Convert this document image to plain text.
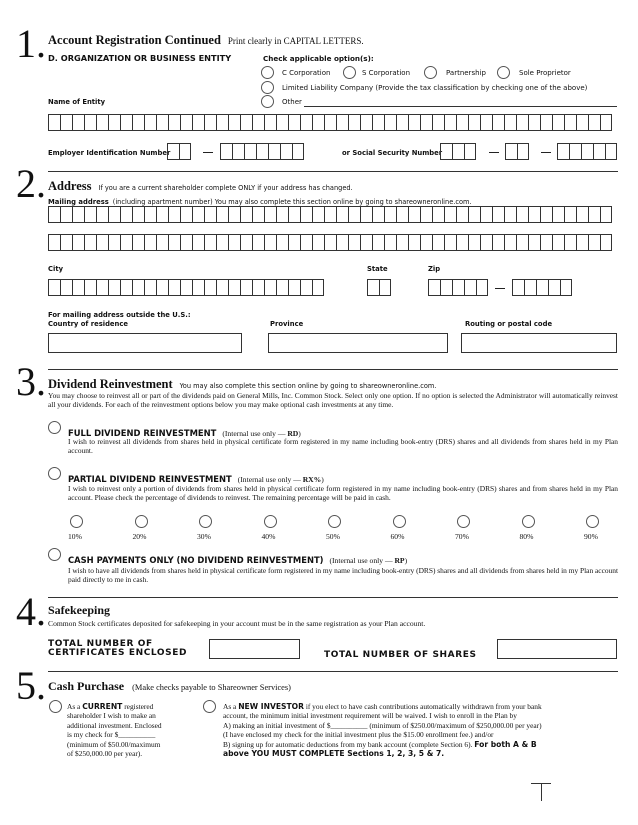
1. Account Registration Continued Print clearly in CAPITAL LETTERS.
D. ORGANIZATION OR BUSINESS ENTITY	Check applicable option(s):
C Corporation	S Corporation	Partnership	Sole Proprietor
Limited Liability Company (Provide the tax classification by checking one of the above)
Other
Name of Entity
Employer Identification Number	or Social Security Number
2. Address If you are a current shareholder complete ONLY if your address has changed.
Mailing address (including apartment number) You may also complete this section online by going to shareowneronline.com.
City	State	Zip
For mailing address outside the U.S.:
Country of residence	Province	Routing or postal code
3. Dividend Reinvestment You may also complete this section online by going to shareowneronline.com.
You may choose to reinvest all or part of the dividends paid on General Mills, Inc. Common Stock. Select only one option. If no option is selected the Administrator will automatically reinvest all your dividends. For each of the reinvestment options below you may make optional cash investments at any time.
FULL DIVIDEND REINVESTMENT (Internal use only — RD)
I wish to reinvest all dividends from shares held in physical certificate form registered in my name including book-entry (DRS) shares and all dividends from shares held in my Plan account.
PARTIAL DIVIDEND REINVESTMENT (Internal use only — RX%)
I wish to reinvest only a portion of dividends from shares held in physical certificate form registered in my name including book-entry (DRS) shares and from shares held in my Plan account. Please check the percentage of dividends to reinvest. The remaining percentage will be paid in cash.
10%	20%	30%	40%	50%	60%	70%	80%	90%
CASH PAYMENTS ONLY (NO DIVIDEND REINVESTMENT) (Internal use only — RP)
I wish to have all dividends from shares held in physical certificate form registered in my name including book-entry (DRS) shares and all dividends from shares held in my Plan account paid directly to me in cash.
4. Safekeeping
Common Stock certificates deposited for safekeeping in your account must be in the same registration as your Plan account.
TOTAL NUMBER OF
CERTIFICATES ENCLOSED	TOTAL NUMBER OF SHARES
5. Cash Purchase (Make checks payable to Shareowner Services)
As a CURRENT registered
shareholder I wish to make an
additional investment. Enclosed
is my check for $__________
(minimum of $50.00/maximum
of $250,000.00 per year).
As a NEW INVESTOR if you elect to have cash contributions automatically withdrawn from your bank
account, the minimum initial investment requirement will be waived. I wish to enroll in the Plan by
A) making an initial investment of $__________ (minimum of $250.00/maximum of $250,000.00 per year)
(I have enclosed my check for the initial investment plus the $15.00 enrollment fee.) and/or
B) signing up for automatic deductions from my bank account (complete Section 6). For both A & B
above YOU MUST COMPLETE Sections 1, 2, 3, 5 & 7.
